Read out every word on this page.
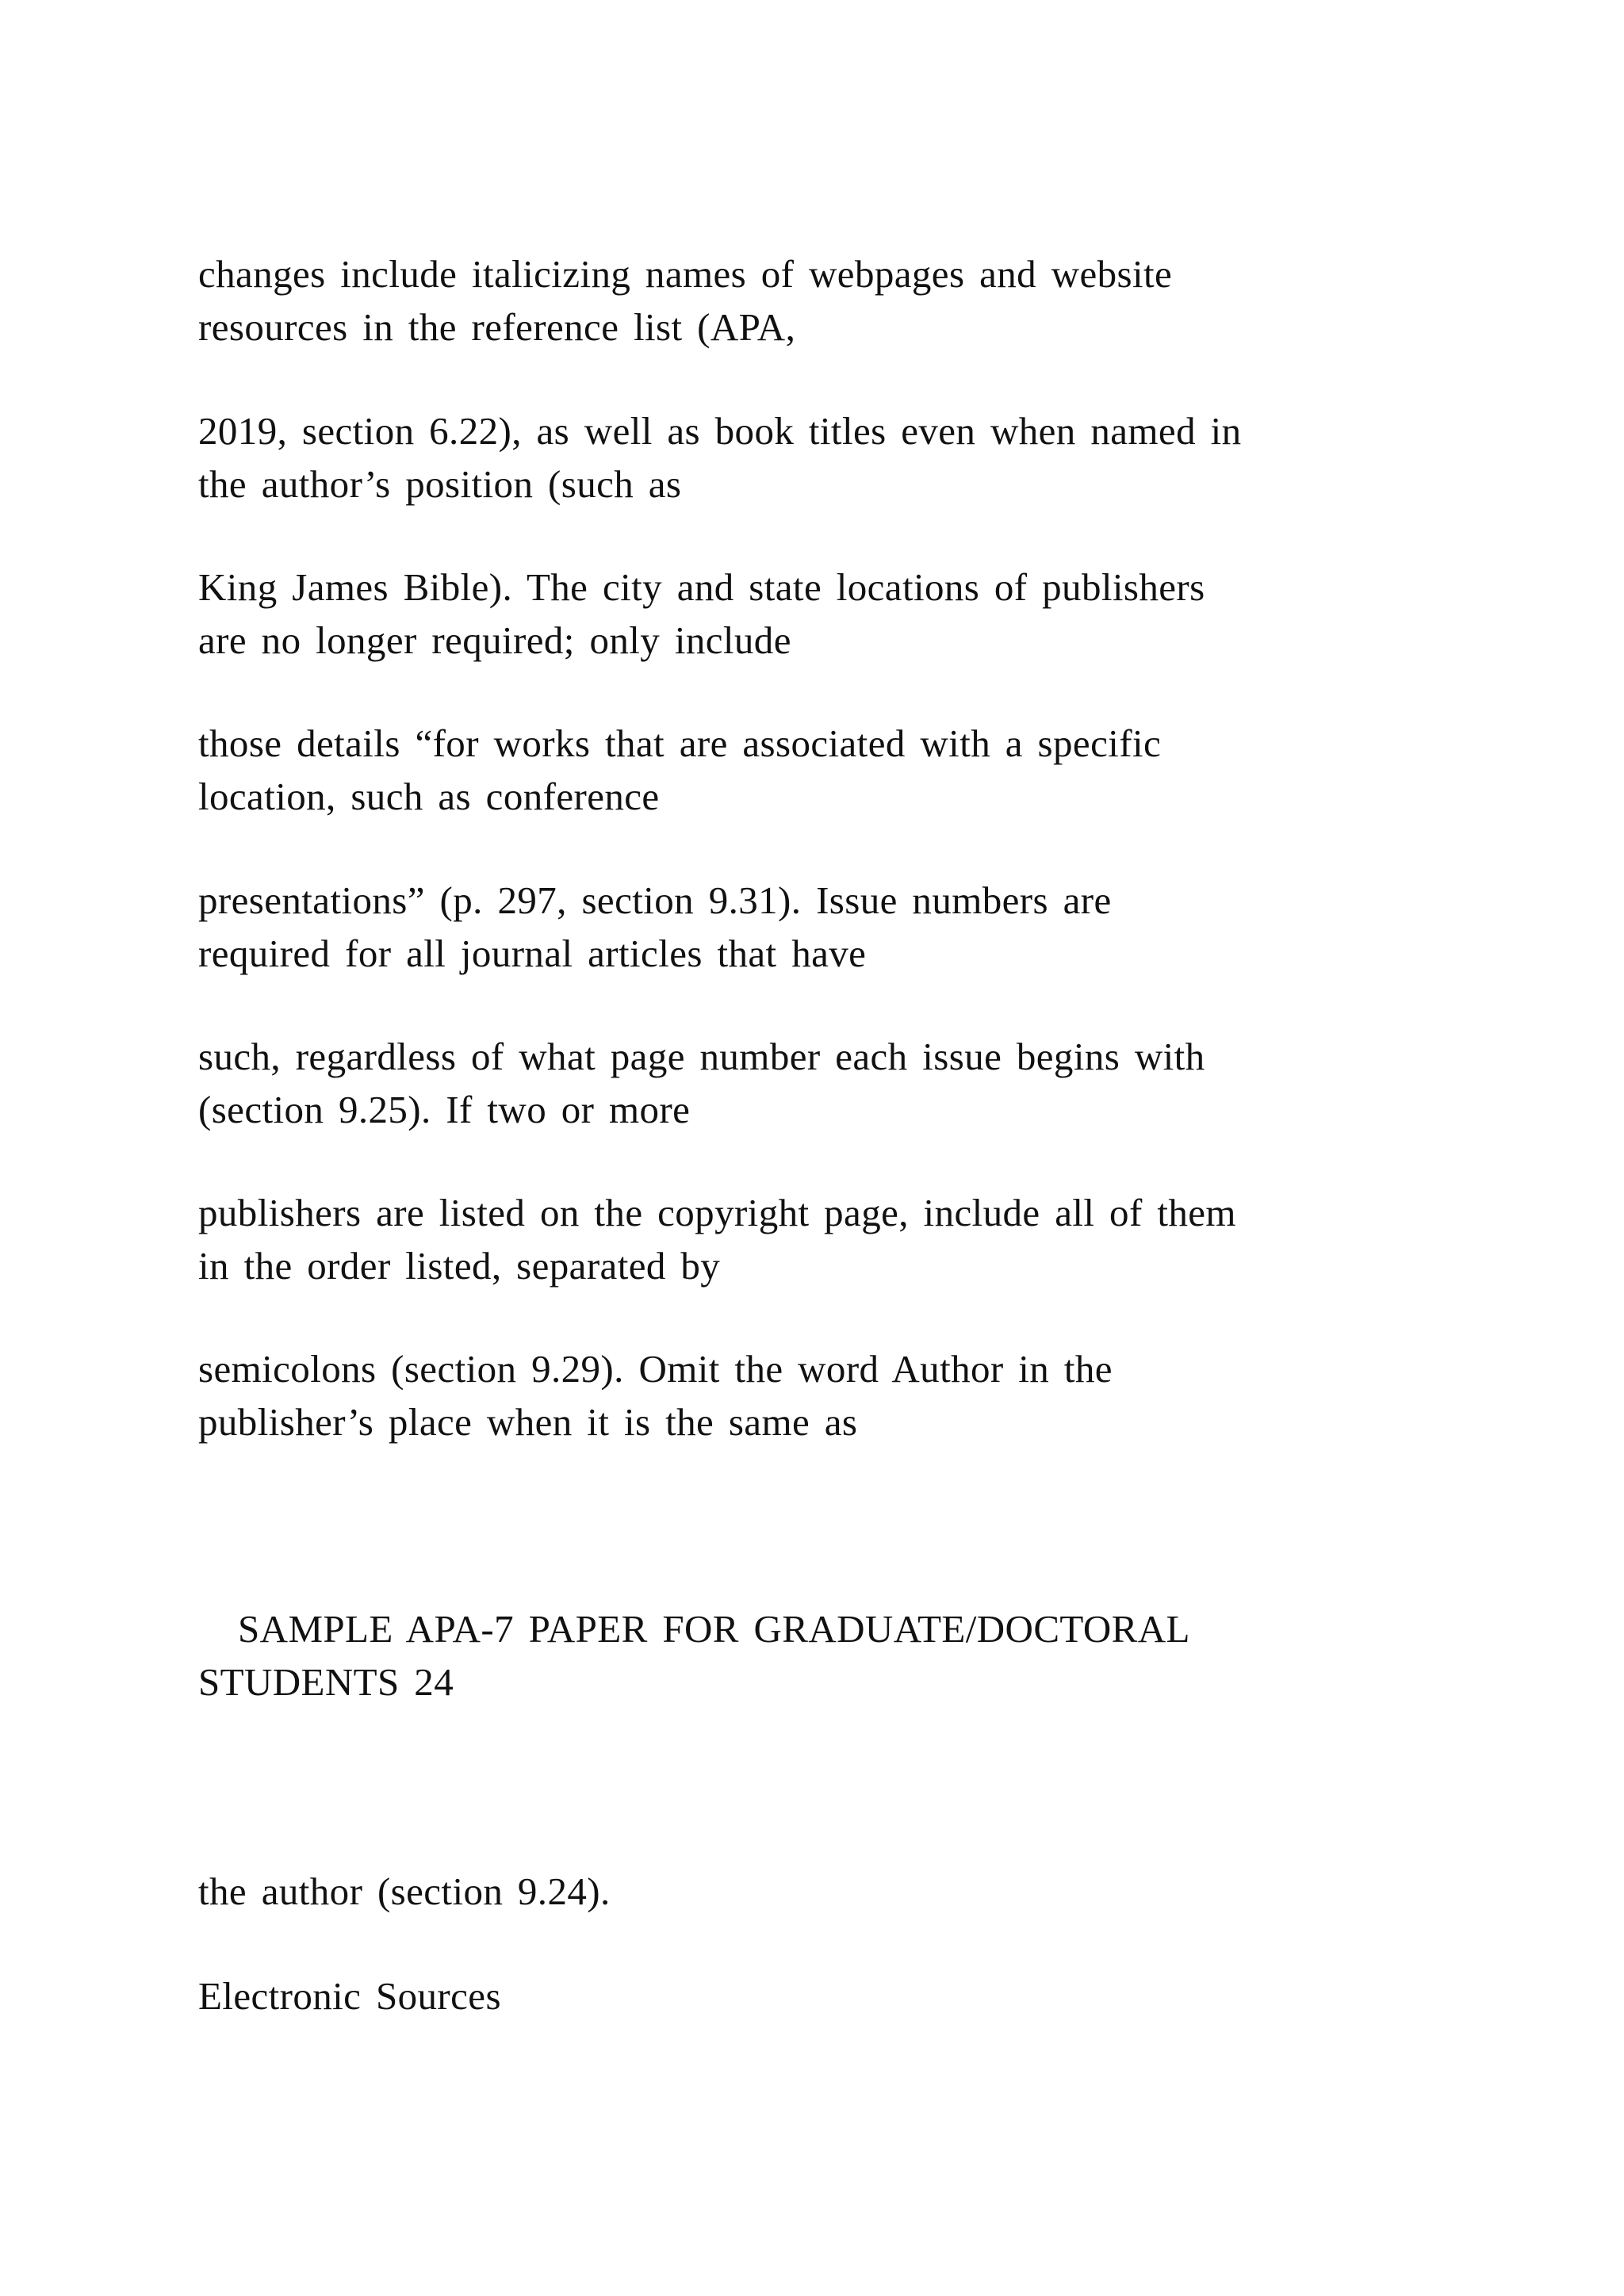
changes include italicizing names of webpages and website
resources in the reference list (APA,

2019, section 6.22), as well as book titles even when named in
the author’s position (such as

King James Bible). The city and state locations of publishers
are no longer required; only include

those details “for works that are associated with a specific
location, such as conference

presentations” (p. 297, section 9.31). Issue numbers are
required for all journal articles that have

such, regardless of what page number each issue begins with
(section 9.25). If two or more

publishers are listed on the copyright page, include all of them
in the order listed, separated by

semicolons (section 9.29). Omit the word Author in the
publisher’s place when it is the same as

SAMPLE APA-7 PAPER FOR GRADUATE/DOCTORAL
STUDENTS 24

the author (section 9.24).

Electronic Sources
